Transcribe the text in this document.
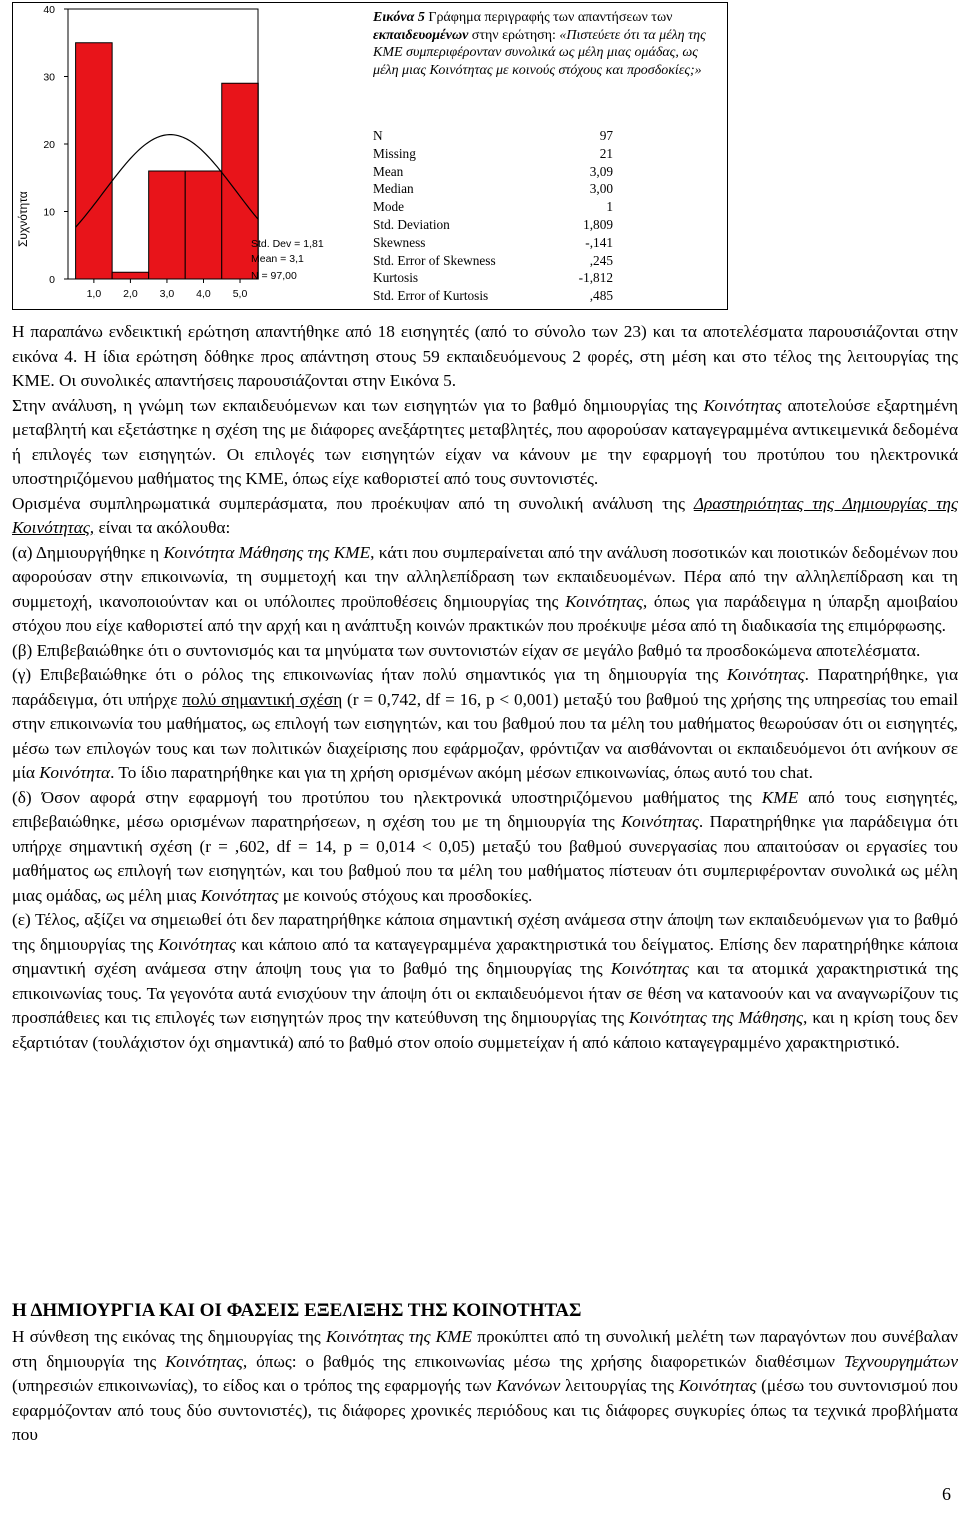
Συχνότητα
0
10
20
30
40
1,0 2,0 3,0 4,0 5,0
Std. Dev = 1,81
Mean = 3,1
N = 97,00
Εικόνα 5 Γράφημα περιγραφής των απαντήσεων των εκπαιδευομένων στην ερώτηση: «Πιστεύετε ότι τα μέλη της ΚΜΕ συμπεριφέρονταν συνολικά ως μέλη μιας ομάδας, ως μέλη μιας Κοινότητας με κοινούς στόχους και προσδοκίες;»
N	97
Missing	21
Mean	3,09
Median	3,00
Mode	1
Std. Deviation	1,809
Skewness	-,141
Std. Error of Skewness	,245
Kurtosis	-1,812
Std. Error of Kurtosis	,485

Η παραπάνω ενδεικτική ερώτηση απαντήθηκε από 18 εισηγητές (από το σύνολο των 23) και τα αποτελέσματα παρουσιάζονται στην εικόνα 4. Η ίδια ερώτηση δόθηκε προς απάντηση στους 59 εκπαιδευόμενους 2 φορές, στη μέση και στο τέλος της λειτουργίας της ΚΜΕ. Οι συνολικές απαντήσεις παρουσιάζονται στην Εικόνα 5.

Στην ανάλυση, η γνώμη των εκπαιδευόμενων και των εισηγητών για το βαθμό δημιουργίας της Κοινότητας αποτελούσε εξαρτημένη μεταβλητή και εξετάστηκε η σχέση της με διάφορες ανεξάρτητες μεταβλητές, που αφορούσαν καταγεγραμμένα αντικειμενικά δεδομένα ή επιλογές των εισηγητών. Οι επιλογές των εισηγητών είχαν να κάνουν με την εφαρμογή του προτύπου του ηλεκτρονικά υποστηριζόμενου μαθήματος της ΚΜΕ, όπως είχε καθοριστεί από τους συντονιστές.

Ορισμένα συμπληρωματικά συμπεράσματα, που προέκυψαν από τη συνολική ανάλυση της Δραστηριότητας της Δημιουργίας της Κοινότητας, είναι τα ακόλουθα:

(α) Δημιουργήθηκε η Κοινότητα Μάθησης της ΚΜΕ, κάτι που συμπεραίνεται από την ανάλυση ποσοτικών και ποιοτικών δεδομένων που αφορούσαν στην επικοινωνία, τη συμμετοχή και την αλληλεπίδραση των εκπαιδευομένων. Πέρα από την αλληλεπίδραση και τη συμμετοχή, ικανοποιούνταν και οι υπόλοιπες προϋποθέσεις δημιουργίας της Κοινότητας, όπως για παράδειγμα η ύπαρξη αμοιβαίου στόχου που είχε καθοριστεί από την αρχή και η ανάπτυξη κοινών πρακτικών που προέκυψε μέσα από τη διαδικασία της επιμόρφωσης.

(β) Επιβεβαιώθηκε ότι ο συντονισμός και τα μηνύματα των συντονιστών είχαν σε μεγάλο βαθμό τα προσδοκώμενα αποτελέσματα.

(γ) Επιβεβαιώθηκε ότι ο ρόλος της επικοινωνίας ήταν πολύ σημαντικός για τη δημιουργία της Κοινότητας. Παρατηρήθηκε, για παράδειγμα, ότι υπήρχε πολύ σημαντική σχέση (r = 0,742, df = 16, p < 0,001) μεταξύ του βαθμού της χρήσης της υπηρεσίας του email στην επικοινωνία του μαθήματος, ως επιλογή των εισηγητών, και του βαθμού που τα μέλη του μαθήματος θεωρούσαν ότι οι εισηγητές, μέσω των επιλογών τους και των πολιτικών διαχείρισης που εφάρμοζαν, φρόντιζαν να αισθάνονται οι εκπαιδευόμενοι ότι ανήκουν σε μία Κοινότητα. Το ίδιο παρατηρήθηκε και για τη χρήση ορισμένων ακόμη μέσων επικοινωνίας, όπως αυτό του chat.

(δ) Όσον αφορά στην εφαρμογή του προτύπου του ηλεκτρονικά υποστηριζόμενου μαθήματος της ΚΜΕ από τους εισηγητές, επιβεβαιώθηκε, μέσω ορισμένων παρατηρήσεων, η σχέση του με τη δημιουργία της Κοινότητας. Παρατηρήθηκε για παράδειγμα ότι υπήρχε σημαντική σχέση (r = ,602, df = 14, p = 0,014 < 0,05) μεταξύ του βαθμού συνεργασίας που απαιτούσαν οι εργασίες του μαθήματος ως επιλογή των εισηγητών, και του βαθμού που τα μέλη του μαθήματος πίστευαν ότι συμπεριφέρονταν συνολικά ως μέλη μιας ομάδας, ως μέλη μιας Κοινότητας με κοινούς στόχους και προσδοκίες.

(ε) Τέλος, αξίζει να σημειωθεί ότι δεν παρατηρήθηκε κάποια σημαντική σχέση ανάμεσα στην άποψη των εκπαιδευόμενων για το βαθμό της δημιουργίας της Κοινότητας και κάποιο από τα καταγεγραμμένα χαρακτηριστικά του δείγματος. Επίσης δεν παρατηρήθηκε κάποια σημαντική σχέση ανάμεσα στην άποψη τους για το βαθμό της δημιουργίας της Κοινότητας και τα ατομικά χαρακτηριστικά της επικοινωνίας τους. Τα γεγονότα αυτά ενισχύουν την άποψη ότι οι εκπαιδευόμενοι ήταν σε θέση να κατανοούν και να αναγνωρίζουν τις προσπάθειες και τις επιλογές των εισηγητών προς την κατεύθυνση της δημιουργίας της Κοινότητας της Μάθησης, και η κρίση τους δεν εξαρτιόταν (τουλάχιστον όχι σημαντικά) από το βαθμό στον οποίο συμμετείχαν ή από κάποιο καταγεγραμμένο χαρακτηριστικό.

Η ΔΗΜΙΟΥΡΓΙΑ ΚΑΙ ΟΙ ΦΑΣΕΙΣ ΕΞΕΛΙΞΗΣ ΤΗΣ ΚΟΙΝΟΤΗΤΑΣ
Η σύνθεση της εικόνας της δημιουργίας της Κοινότητας της ΚΜΕ προκύπτει από τη συνολική μελέτη των παραγόντων που συνέβαλαν στη δημιουργία της Κοινότητας, όπως: ο βαθμός της επικοινωνίας μέσω της χρήσης διαφορετικών διαθέσιμων Τεχνουργημάτων (υπηρεσιών επικοινωνίας), το είδος και ο τρόπος της εφαρμογής των Κανόνων λειτουργίας της Κοινότητας (μέσω του συντονισμού που εφαρμόζονταν από τους δύο συντονιστές), τις διάφορες χρονικές περιόδους και τις διάφορες συγκυρίες όπως τα τεχνικά προβλήματα που
6
